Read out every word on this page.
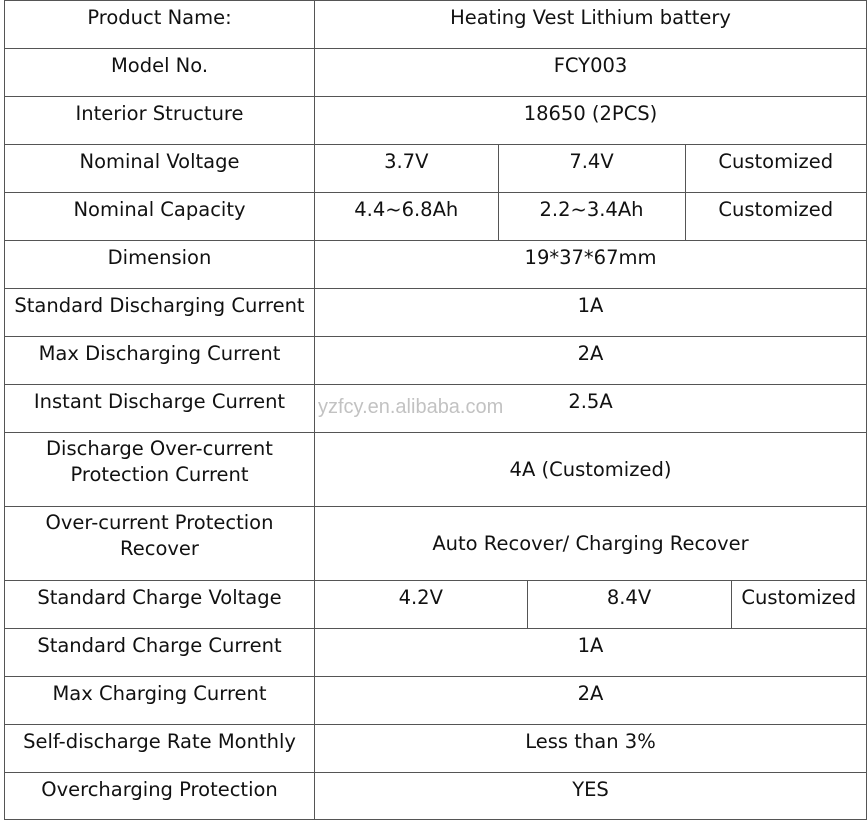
Product Name:	Heating Vest Lithium battery
Model No.	FCY003
Interior Structure	18650 (2PCS)
Nominal Voltage		3.7V	7.4V	Customized

Nominal Capacity		4.4~6.8Ah	2.2~3.4Ah	Customized

Dimension	19*37*67mm
Standard Discharging Current	1A
Max Discharging Current	2A
Instant Discharge Current	2.5A

Discharge Over-current
Protection Current	4A (Customized)

Over-current Protection
Recover	Auto Recover/ Charging Recover
Standard Charge Voltage		4.2V	8.4V	Customized

Standard Charge Current	1A
Max Charging Current	2A
Self-discharge Rate Monthly	Less than 3%
Overcharging Protection	YES
yzfcy.en.alibaba.com
